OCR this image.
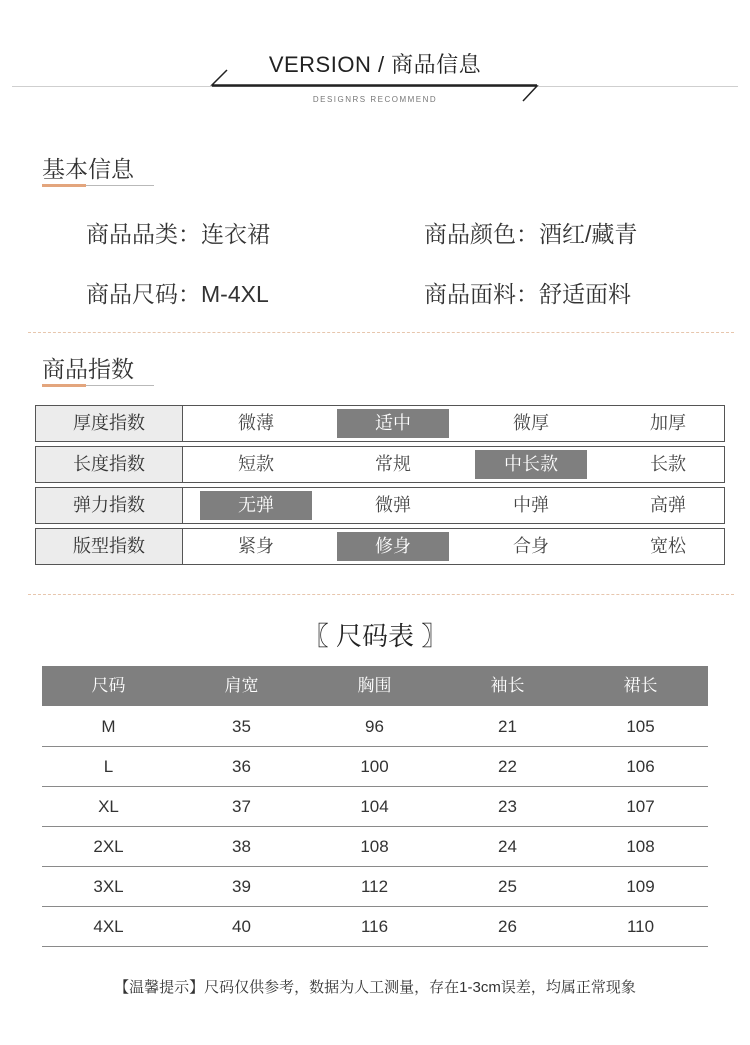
VERSION / 商品信息
DESIGNRS RECOMMEND
基本信息
商品品类：连衣裙	商品颜色：酒红/藏青
商品尺码：M-4XL	商品面料：舒适面料
商品指数
厚度指数	微薄	适中	微厚	加厚
长度指数	短款	常规	中长款	长款
弹力指数	无弹	微弹	中弹	高弹
版型指数	紧身	修身	合身	宽松
〖 尺码表 〗
尺码	肩宽	胸围	袖长	裙长
M	35	96	21	105
L	36	100	22	106
XL	37	104	23	107
2XL	38	108	24	108
3XL	39	112	25	109
4XL	40	116	26	110
【温馨提示】尺码仅供参考，数据为人工测量，存在1-3cm误差，均属正常现象
